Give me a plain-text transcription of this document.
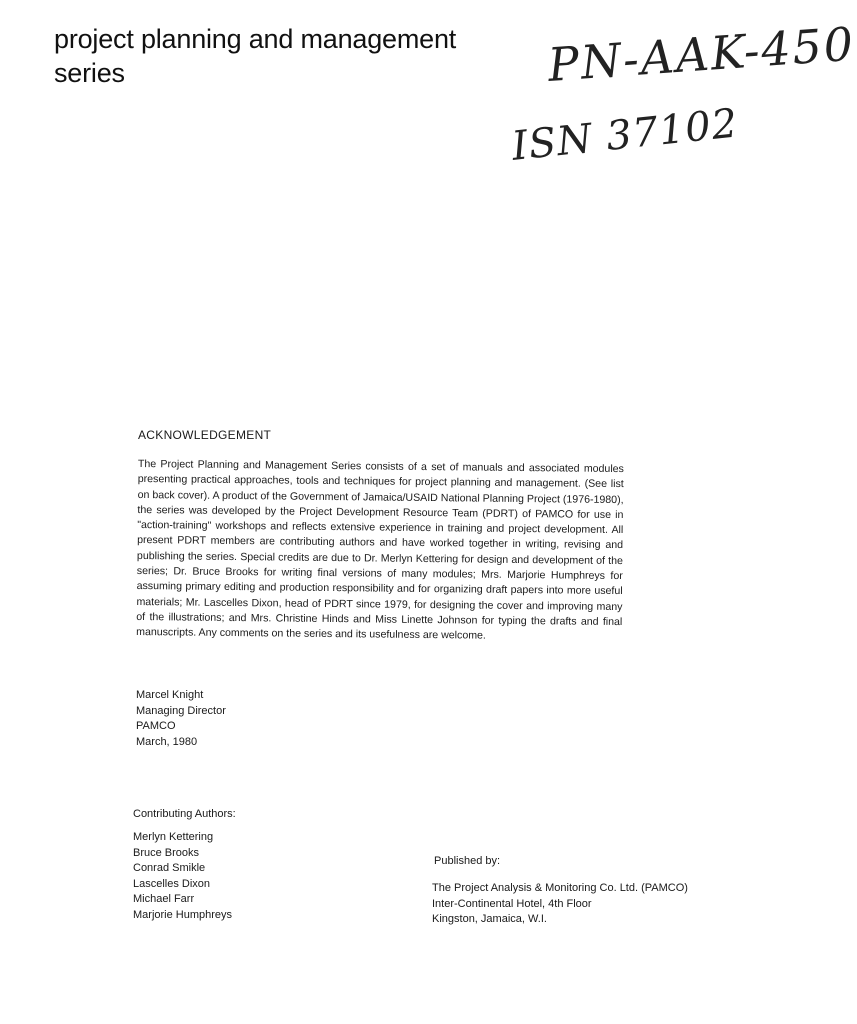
project planning and management
series	PN-AAK-450
ISN 37102
ACKNOWLEDGEMENT
The Project Planning and Management Series consists of a set of manuals and associated modules presenting practical approaches, tools and techniques for project planning and management. (See list on back cover). A product of the Government of Jamaica/USAID National Planning Project (1976-1980), the series was developed by the Project Development Resource Team (PDRT) of PAMCO for use in "action-training" workshops and reflects extensive experience in training and project development. All present PDRT members are contributing authors and have worked together in writing, revising and publishing the series. Special credits are due to Dr. Merlyn Kettering for design and development of the series; Dr. Bruce Brooks for writing final versions of many modules; Mrs. Marjorie Humphreys for assuming primary editing and production responsibility and for organizing draft papers into more useful materials; Mr. Lascelles Dixon, head of PDRT since 1979, for designing the cover and improving many of the illustrations; and Mrs. Christine Hinds and Miss Linette Johnson for typing the drafts and final manuscripts. Any comments on the series and its usefulness are welcome.
Marcel Knight
Managing Director
PAMCO
March, 1980
Contributing Authors:
Merlyn Kettering
Bruce Brooks
Conrad Smikle
Lascelles Dixon
Michael Farr
Marjorie Humphreys
Published by:
The Project Analysis & Monitoring Co. Ltd. (PAMCO)
Inter-Continental Hotel, 4th Floor
Kingston, Jamaica, W.I.
